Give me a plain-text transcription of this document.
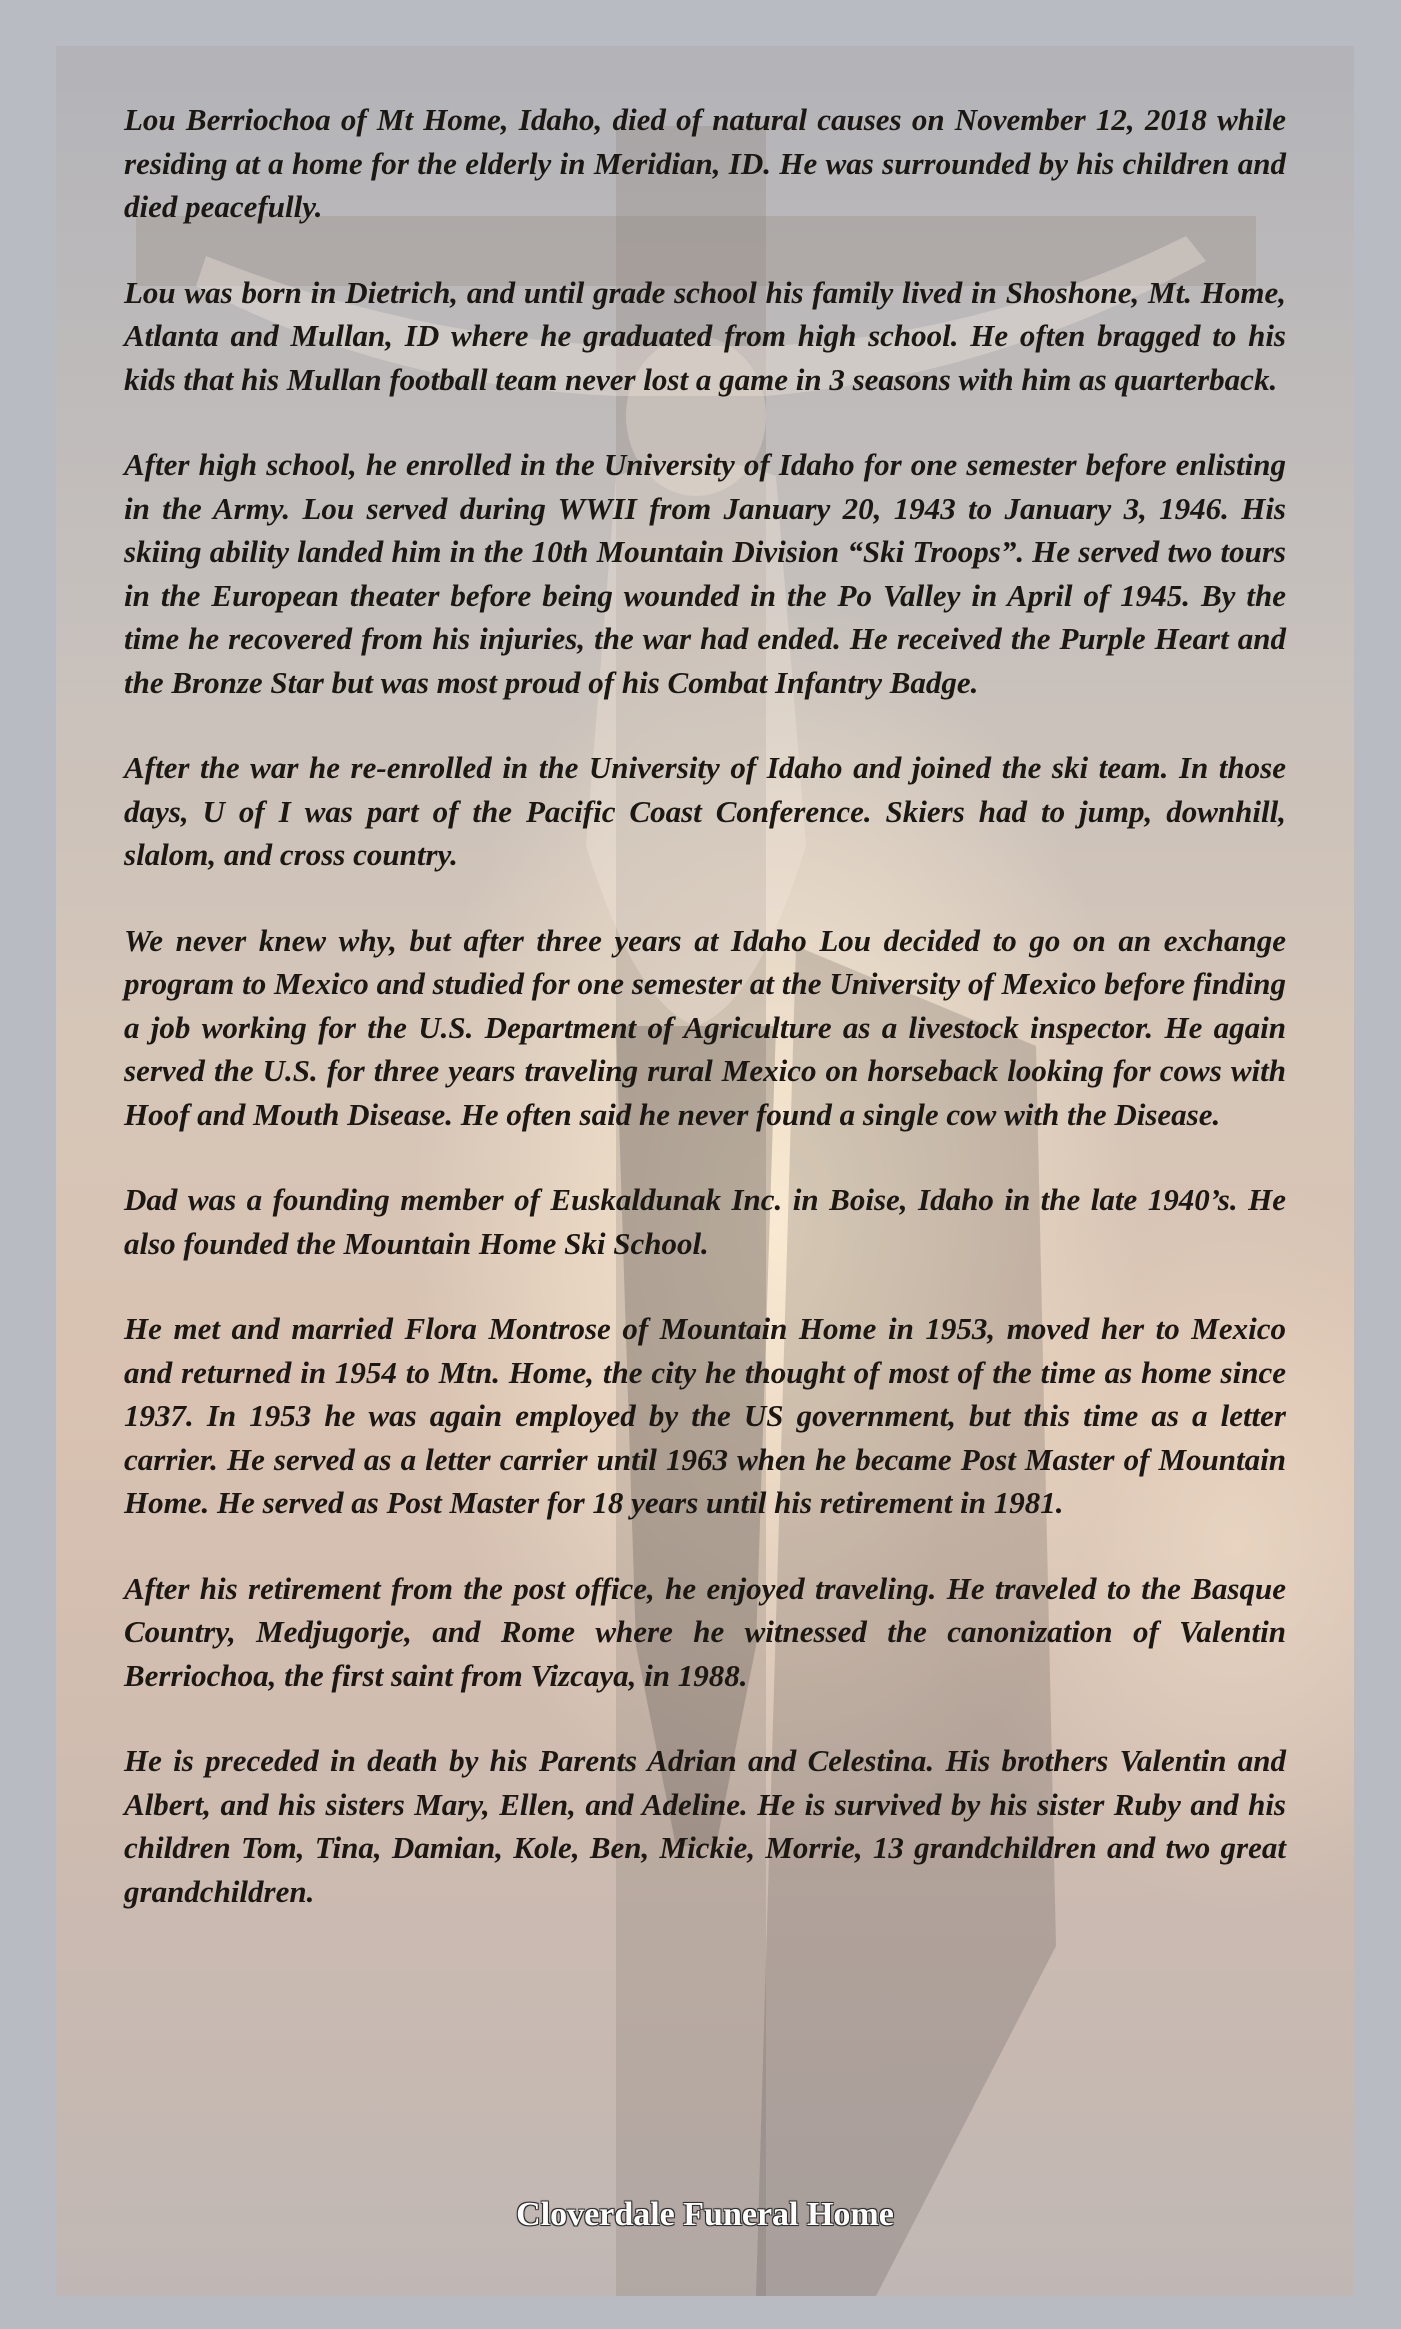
Lou Berriochoa of Mt Home, Idaho, died of natural causes on November 12, 2018 while residing at a home for the elderly in Meridian, ID. He was surrounded by his children and died peacefully.

Lou was born in Dietrich, and until grade school his family lived in Shoshone, Mt. Home, Atlanta and Mullan, ID where he graduated from high school. He often bragged to his kids that his Mullan football team never lost a game in 3 seasons with him as quarterback.

After high school, he enrolled in the University of Idaho for one semester before enlisting in the Army. Lou served during WWII from January 20, 1943 to January 3, 1946. His skiing ability landed him in the 10th Mountain Division “Ski Troops”. He served two tours in the European theater before being wounded in the Po Valley in April of 1945. By the time he recovered from his injuries, the war had ended. He received the Purple Heart and the Bronze Star but was most proud of his Combat Infantry Badge.

After the war he re-enrolled in the University of Idaho and joined the ski team. In those days, U of I was part of the Pacific Coast Conference. Skiers had to jump, downhill, slalom, and cross country.

We never knew why, but after three years at Idaho Lou decided to go on an exchange program to Mexico and studied for one semester at the University of Mexico before finding a job working for the U.S. Department of Agriculture as a livestock inspector. He again served the U.S. for three years traveling rural Mexico on horseback looking for cows with Hoof and Mouth Disease. He often said he never found a single cow with the Disease.

Dad was a founding member of Euskaldunak Inc. in Boise, Idaho in the late 1940’s. He also founded the Mountain Home Ski School.

He met and married Flora Montrose of Mountain Home in 1953, moved her to Mexico and returned in 1954 to Mtn. Home, the city he thought of most of the time as home since 1937. In 1953 he was again employed by the US government, but this time as a letter carrier. He served as a letter carrier until 1963 when he became Post Master of Mountain Home. He served as Post Master for 18 years until his retirement in 1981.

After his retirement from the post office, he enjoyed traveling. He traveled to the Basque Country, Medjugorje, and Rome where he witnessed the canonization of Valentin Berriochoa, the first saint from Vizcaya, in 1988.

He is preceded in death by his Parents Adrian and Celestina. His brothers Valentin and Albert, and his sisters Mary, Ellen, and Adeline. He is survived by his sister Ruby and his children Tom, Tina, Damian, Kole, Ben, Mickie, Morrie, 13 grandchildren and two great grandchildren.

Cloverdale Funeral Home
